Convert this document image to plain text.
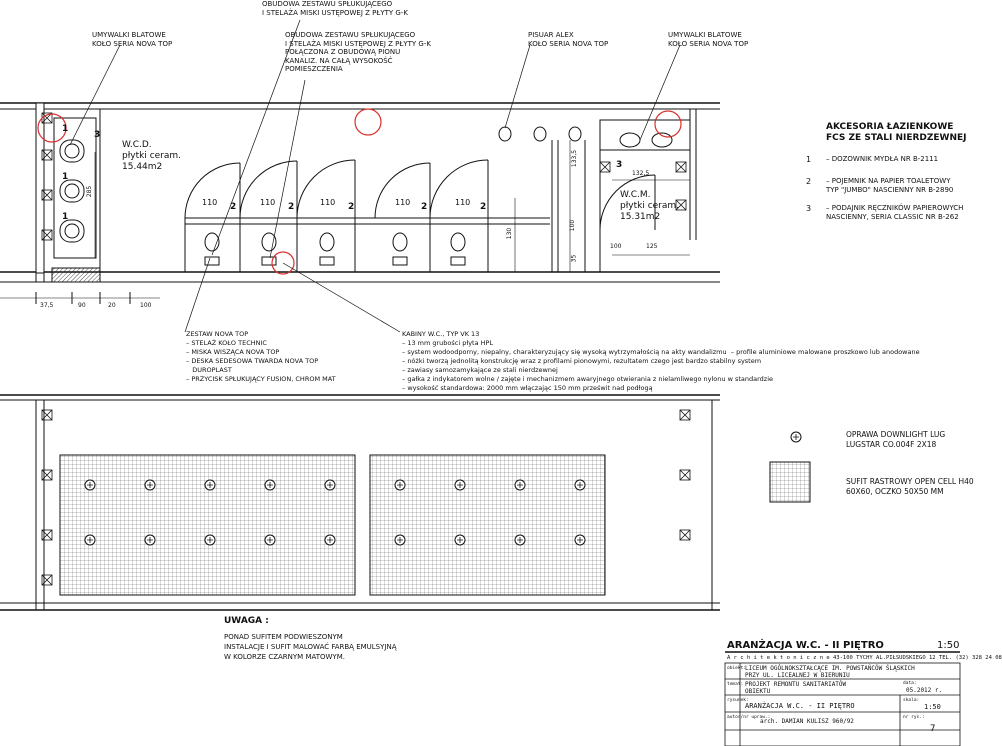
OBUDOWA ZESTAWU SPŁUKUJĄCEGO
I STELAŻA MISKI USTĘPOWEJ Z PŁYTY G-K
UMYWALKI BLATOWE
KOŁO SERIA NOVA TOP
OBUDOWA ZESTAWU SPŁUKUJĄCEGO
I STELAŻA MISKI USTĘPOWEJ Z PŁYTY G-K
POŁĄCZONA Z OBUDOWĄ PIONU
KANALIZ. NA CAŁĄ WYSOKOŚĆ
POMIESZCZENIA
PISUAR ALEX
KOŁO SERIA NOVA TOP
UMYWALKI BLATOWE
KOŁO SERIA NOVA TOP
W.C.D.
płytki ceram.
15.44m2
W.C.M.
płytki ceram.
15.31m2
110	110	110	110	110
2	2	2	2	2
1
1
1
3
3
285
133,5
100
35
130
132,5
100	125
37,5	90	20	100
AKCESORIA ŁAZIENKOWE
FCS ZE STALI NIERDZEWNEJ
1 – DOZOWNIK MYDŁA NR B-2111
2 – POJEMNIK NA PAPIER TOALETOWY
TYP "JUMBO" NASCIENNY NR B-2890
3 – PODAJNIK RĘCZNIKÓW PAPIEROWYCH
NASCIENNY, SERIA CLASSIC NR B-262
ZESTAW NOVA TOP
– STELAŻ KOŁO TECHNIC
– MISKA WISZĄCA NOVA TOP
– DESKA SEDESOWA TWARDA NOVA TOP
DUROPLAST
– PRZYCISK SPŁUKUJĄCY FUSION, CHROM MAT
KABINY W.C., TYP VK 13
– 13 mm grubości płyta HPL
– system wodoodporny, niepalny, charakteryzujący się wysoką wytrzymałością na akty wandalizmu  – profile aluminiowe malowane proszkowo lub anodowane
– nóżki tworzą jednolitą konstrukcję wraz z profilami pionowymi, rezultatem czego jest bardzo stabilny system
– zawiasy samozamykające ze stali nierdzewnej
– gałka z indykatorem wolne / zajęte i mechanizmem awaryjnego otwierania z nielamliwego nylonu w standardzie
– wysokość standardowa: 2000 mm włączając 150 mm prześwit nad podłogą
OPRAWA DOWNLIGHT LUG
LUGSTAR CO.004F 2X18
SUFIT RASTROWY OPEN CELL H40
60X60, OCZKO 50X50 MM
UWAGA :
PONAD SUFITEM PODWIESZONYM
INSTALACJE I SUFIT MALOWAĆ FARBĄ EMULSYJNĄ
W KOLORZE CZARNYM MATOWYM.
ARANŻACJA W.C. - II PIĘTRO	1:50
A r c h i t e k t o n i c z n e 43-100 TYCHY AL.PIŁSUDSKIEGO 12 TEL. (32) 328 24 08
obiekt: LICEUM OGÓLNOKSZTAŁCĄCE IM. POWSTAŃCÓW ŚLĄSKICH
PRZY UL. LICEALNEJ W BIERUNIU
temat: PROJEKT REMONTU SANITARIATÓW
OBIEKTU
data:
05.2012 r.
rysunek:
ARANŻACJA W.C. - II PIĘTRO
skala:
1:50
autor/nr upraw.:
arch. DAMIAN KULISZ 960/92
nr rys.:
7
